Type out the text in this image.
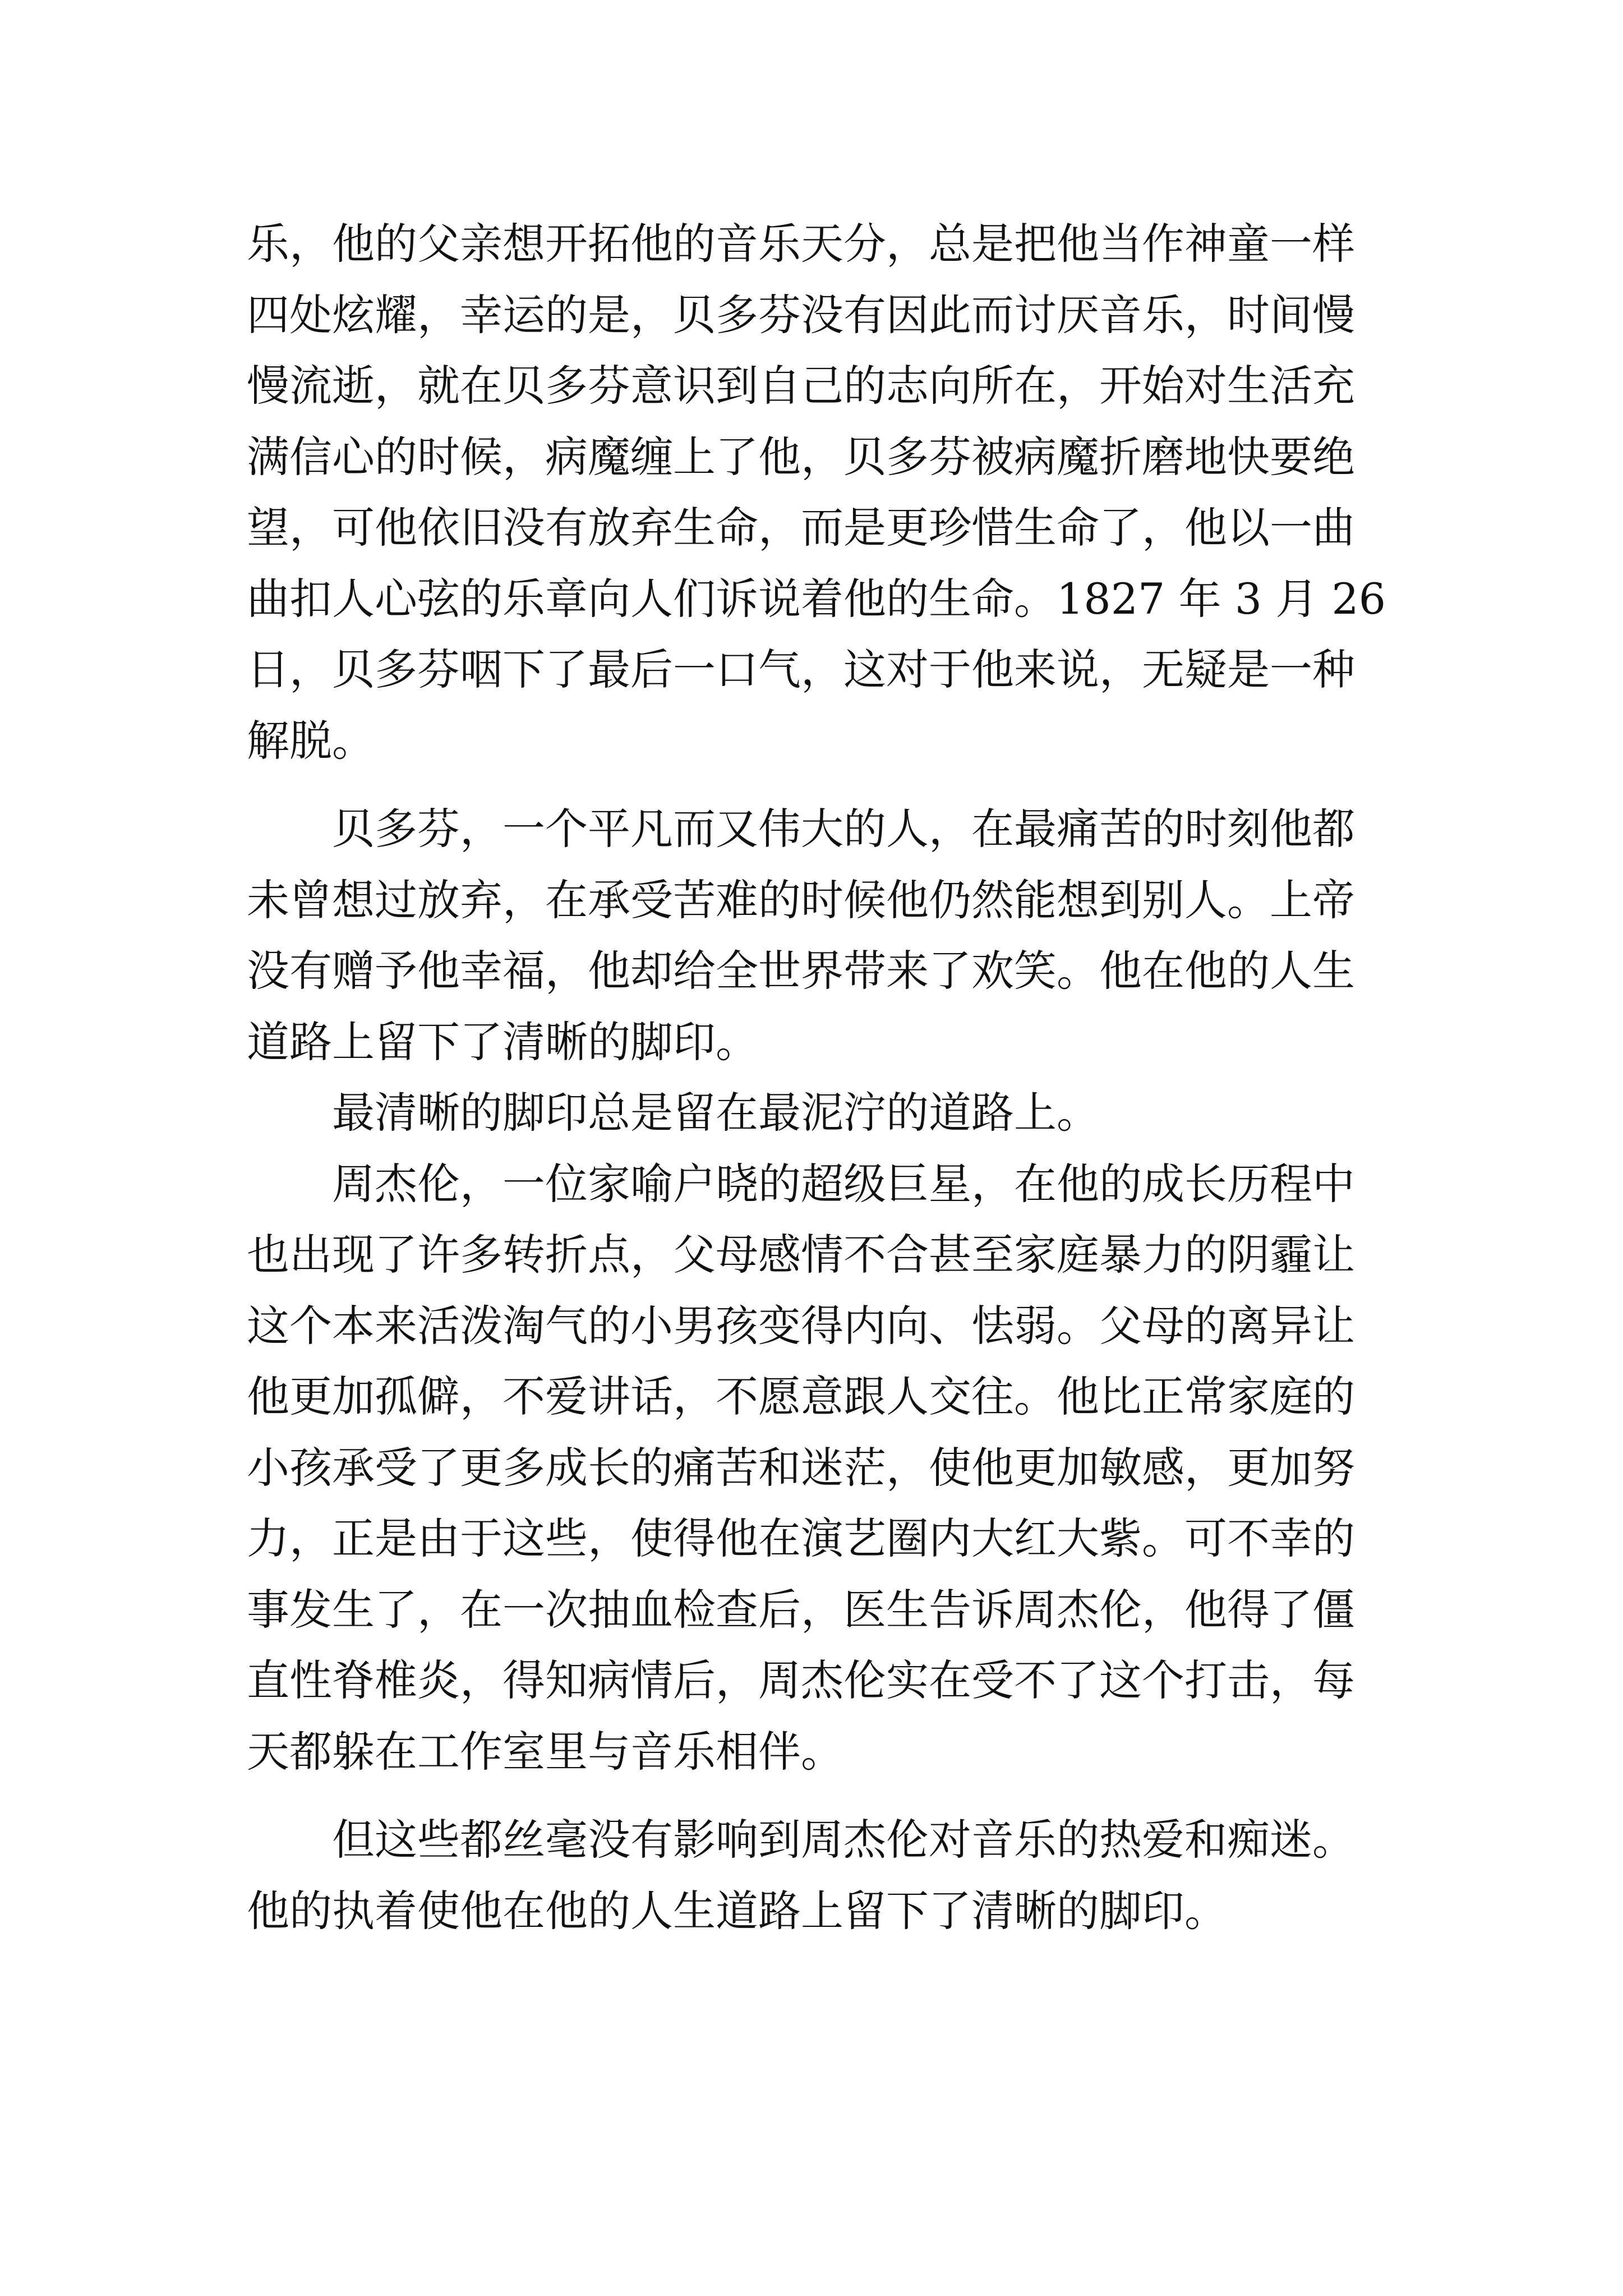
乐，他的父亲想开拓他的音乐天分，总是把他当作神童一样
四处炫耀，幸运的是，贝多芬没有因此而讨厌音乐，时间慢
慢流逝，就在贝多芬意识到自己的志向所在，开始对生活充
满信心的时候，病魔缠上了他，贝多芬被病魔折磨地快要绝
望，可他依旧没有放弃生命，而是更珍惜生命了，他以一曲
曲扣人心弦的乐章向人们诉说着他的生命。1827 年 3 月 26
日，贝多芬咽下了最后一口气，这对于他来说，无疑是一种
解脱。
贝多芬，一个平凡而又伟大的人，在最痛苦的时刻他都
未曾想过放弃，在承受苦难的时候他仍然能想到别人。上帝
没有赠予他幸福，他却给全世界带来了欢笑。他在他的人生
道路上留下了清晰的脚印。
最清晰的脚印总是留在最泥泞的道路上。
周杰伦，一位家喻户晓的超级巨星，在他的成长历程中
也出现了许多转折点，父母感情不合甚至家庭暴力的阴霾让
这个本来活泼淘气的小男孩变得内向、怯弱。父母的离异让
他更加孤僻，不爱讲话，不愿意跟人交往。他比正常家庭的
小孩承受了更多成长的痛苦和迷茫，使他更加敏感，更加努
力，正是由于这些，使得他在演艺圈内大红大紫。可不幸的
事发生了，在一次抽血检查后，医生告诉周杰伦，他得了僵
直性脊椎炎，得知病情后，周杰伦实在受不了这个打击，每
天都躲在工作室里与音乐相伴。
但这些都丝毫没有影响到周杰伦对音乐的热爱和痴迷。
他的执着使他在他的人生道路上留下了清晰的脚印。
